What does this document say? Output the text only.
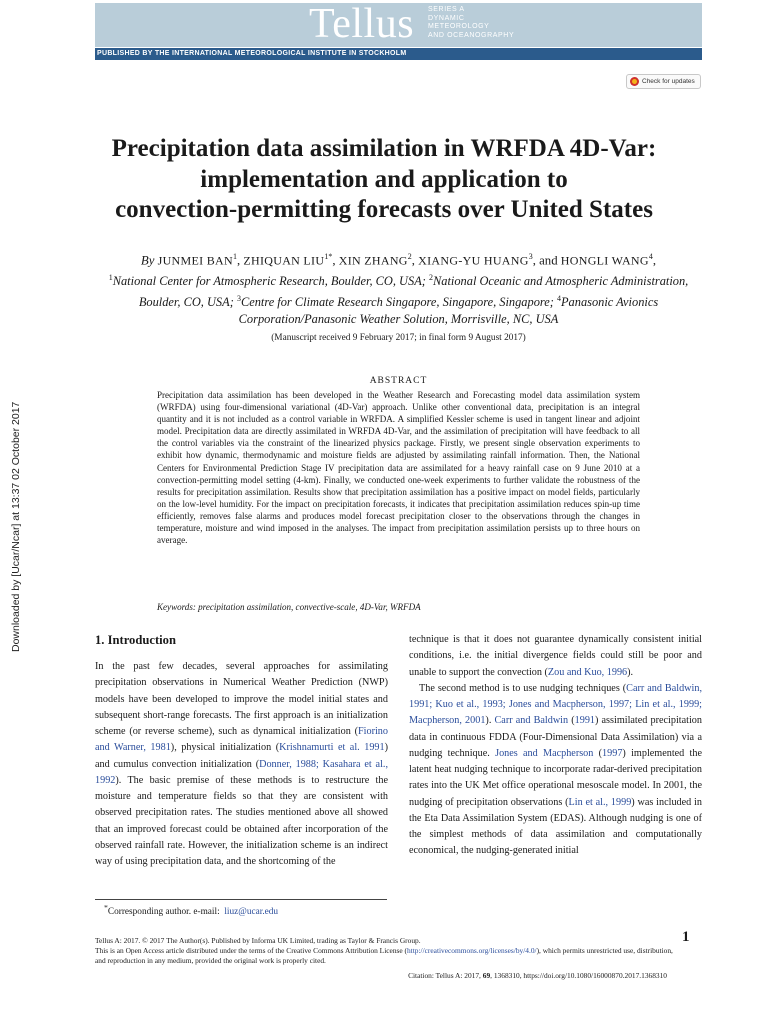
Tellus SERIES A
DYNAMIC
METEOROLOGY
AND OCEANOGRAPHY
PUBLISHED BY THE INTERNATIONAL METEOROLOGICAL INSTITUTE IN STOCKHOLM
Check for updates
Precipitation data assimilation in WRFDA 4D-Var:
implementation and application to
convection-permitting forecasts over United States
By JUNMEI BAN$^1$, ZHIQUAN $LIU^{1*}$, XIN ZHANG$^2$, XIANG-YU HUANG$^3$, and HONGLI WANG$^4$,
$^1$National Center for Atmospheric Research, Boulder, CO, USA; $^2$National Oceanic and Atmospheric Administration, Boulder, CO, USA; $^3$Centre for Climate Research Singapore, Singapore, Singapore; $^4$Panasonic Avionics Corporation/Panasonic Weather Solution, Morrisville, NC, USA
(Manuscript received 9 February 2017; in final form 9 August 2017)
ABSTRACT
Precipitation data assimilation has been developed in the Weather Research and Forecasting model data assimilation system (WRFDA) using four-dimensional variational (4D-Var) approach. Unlike other conventional data, precipitation is an integral quantity and it is not included as a control variable in WRFDA. A simplified Kessler scheme is used in tangent linear and adjoint model. Precipitation data are directly assimilated in WRFDA 4D-Var, and the assimilation of precipitation will have feedback to all the control variables via the constraint of the linearized physics package. Firstly, we present single observation experiments to exhibit how dynamic, thermodynamic and moisture fields are adjusted by assimilating rainfall information. Then, the National Centers for Environmental Prediction Stage IV precipitation data are assimilated for a heavy rainfall case on 9 June 2010 at a convection-permitting model setting (4-km). Finally, we conducted one-week experiments to further validate the robustness of the results for precipitation assimilation. Results show that precipitation assimilation has a positive impact on model fields, particularly on the low-level humidity. For the impact on precipitation forecasts, it indicates that precipitation assimilation reduces spin-up time efficiently, removes false alarms and produces model forecast precipitation closer to the observations through the changes in temperature, moisture and wind imposed in the analyses. The impact from precipitation assimilation persists up to three hours on average.
Keywords: precipitation assimilation, convective-scale, 4D-Var, WRFDA
1. Introduction

In the past few decades, several approaches for assimilating precipitation observations in Numerical Weather Prediction (NWP) models have been developed to improve the model initial states and subsequent short-range forecasts. The first approach is an initialization scheme (or reverse scheme), such as dynamical initialization (Fiorino and Warner, 1981), physical initialization (Krishnamurti et al. 1991) and cumulus convection initialization (Donner, 1988; Kasahara et al., 1992). The basic premise of these methods is to restructure the moisture and temperature fields so that they are consistent with observed precipitation rates. The studies mentioned above all showed that an improved forecast could be obtained after incorporation of the observed rainfall rate. However, the initialization scheme is an indirect way of using precipitation data, and the shortcoming of the

technique is that it does not guarantee dynamically consistent initial conditions, i.e. the initial divergence fields could still be poor and unable to support the convection (Zou and Kuo, 1996).

The second method is to use nudging techniques (Carr and Baldwin, 1991; Kuo et al., 1993; Jones and Macpherson, 1997; Lin et al., 1999; Macpherson, 2001). Carr and Baldwin (1991) assimilated precipitation data in continuous FDDA (Four-Dimensional Data Assimilation) via a nudging technique. Jones and Macpherson (1997) implemented the latent heat nudging technique to incorporate radar-derived precipitation rates into the UK Met office operational mesoscale model. In 2001, the nudging of precipitation observations (Lin et al., 1999) was included in the Eta Data Assimilation System (EDAS). Although nudging is one of the simplest methods of data assimilation and computationally economical, the nudging-generated initial

*Corresponding author. e-mail: liuz@ucar.edu
1
Tellus A: 2017. © 2017 The Author(s). Published by Informa UK Limited, trading as Taylor & Francis Group.
This is an Open Access article distributed under the terms of the Creative Commons Attribution License (http://creativecommons.org/licenses/by/4.0/), which permits unrestricted use, distribution, and reproduction in any medium, provided the original work is properly cited.
Citation: Tellus A: 2017, 69, 1368310, https://doi.org/10.1080/16000870.2017.1368310
Downloaded by [Ucar/Ncar] at 13:37 02 October 2017
